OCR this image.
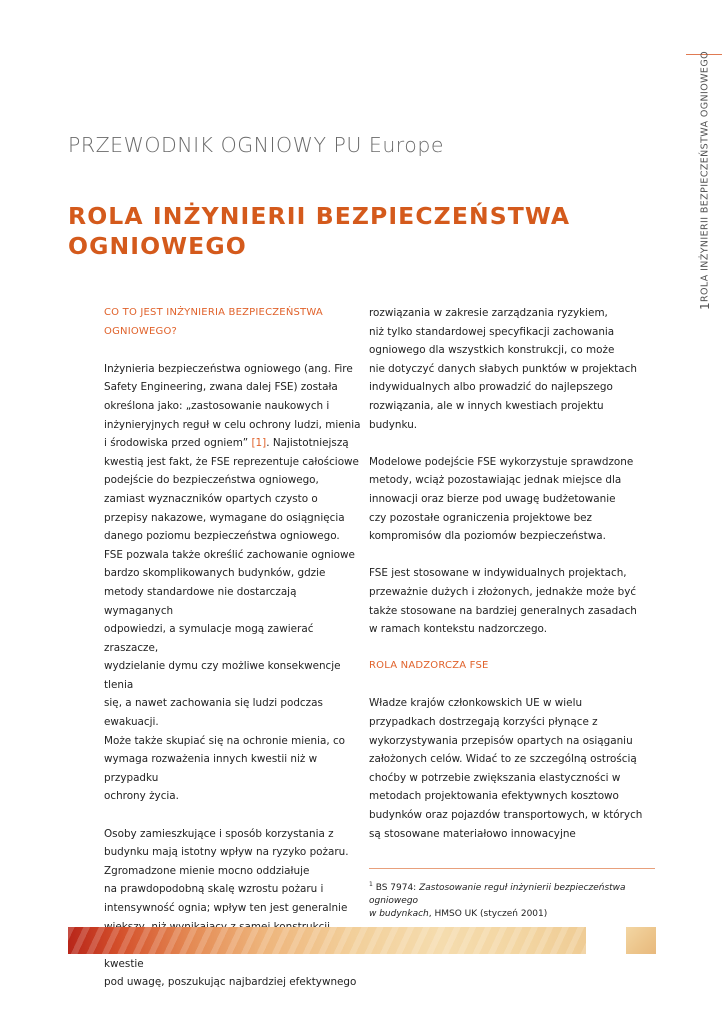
1
ROLA INŻYNIERII BEZPIECZEŃSTWA OGNIOWEGO
PRZEWODNIK OGNIOWY PU Europe
ROLA INŻYNIERII BEZPIECZEŃSTWA
OGNIOWEGO

CO TO JEST INŻYNIERIA BEZPIECZEŃSTWA
OGNIOWEGO?

Inżynieria bezpieczeństwa ogniowego (ang. Fire
Safety Engineering, zwana dalej FSE) została
określona jako: „zastosowanie naukowych i
inżynieryjnych reguł w celu ochrony ludzi, mienia
i środowiska przed ogniem” [1]. Najistotniejszą
kwestią jest fakt, że FSE reprezentuje całościowe
podejście do bezpieczeństwa ogniowego,
zamiast wyznaczników opartych czysto o
przepisy nakazowe, wymagane do osiągnięcia
danego poziomu bezpieczeństwa ogniowego.
FSE pozwala także określić zachowanie ogniowe
bardzo skomplikowanych budynków, gdzie
metody standardowe nie dostarczają wymaganych
odpowiedzi, a symulacje mogą zawierać zraszacze,
wydzielanie dymu czy możliwe konsekwencje tlenia
się, a nawet zachowania się ludzi podczas ewakuacji.
Może także skupiać się na ochronie mienia, co
wymaga rozważenia innych kwestii niż w przypadku
ochrony życia.

Osoby zamieszkujące i sposób korzystania z
budynku mają istotny wpływ na ryzyko pożaru.
Zgromadzone mienie mocno oddziałuje
na prawdopodobną skalę wzrostu pożaru i
intensywność ognia; wpływ ten jest generalnie

kwestie
pod uwagę, poszukując najbardziej efektywnego

rozwiązania w zakresie zarządzania ryzykiem,
niż tylko standardowej specyfikacji zachowania
ogniowego dla wszystkich konstrukcji, co może
nie dotyczyć danych słabych punktów w projektach
indywidualnych albo prowadzić do najlepszego
rozwiązania, ale w innych kwestiach projektu
budynku.

Modelowe podejście FSE wykorzystuje sprawdzone
metody, wciąż pozostawiając jednak miejsce dla
innowacji oraz bierze pod uwagę budżetowanie
czy pozostałe ograniczenia projektowe bez
kompromisów dla poziomów bezpieczeństwa.

FSE jest stosowane w indywidualnych projektach,
przeważnie dużych i złożonych, jednakże może być
także stosowane na bardziej generalnych zasadach
w ramach kontekstu nadzorczego.

ROLA NADZORCZA FSE

Władze krajów członkowskich UE w wielu
przypadkach dostrzegają korzyści płynące z
wykorzystywania przepisów opartych na osiąganiu
założonych celów. Widać to ze szczególną ostrością
choćby w potrzebie zwiększania elastyczności w
metodach projektowania efektywnych kosztowo
budynków oraz pojazdów transportowych, w których
są stosowane materiałowo innowacyjne

$^1$ BS 7974: Zastosowanie reguł inżynierii bezpieczeństwa ogniowego
w budynkach, HMSO UK (styczeń 2001)
